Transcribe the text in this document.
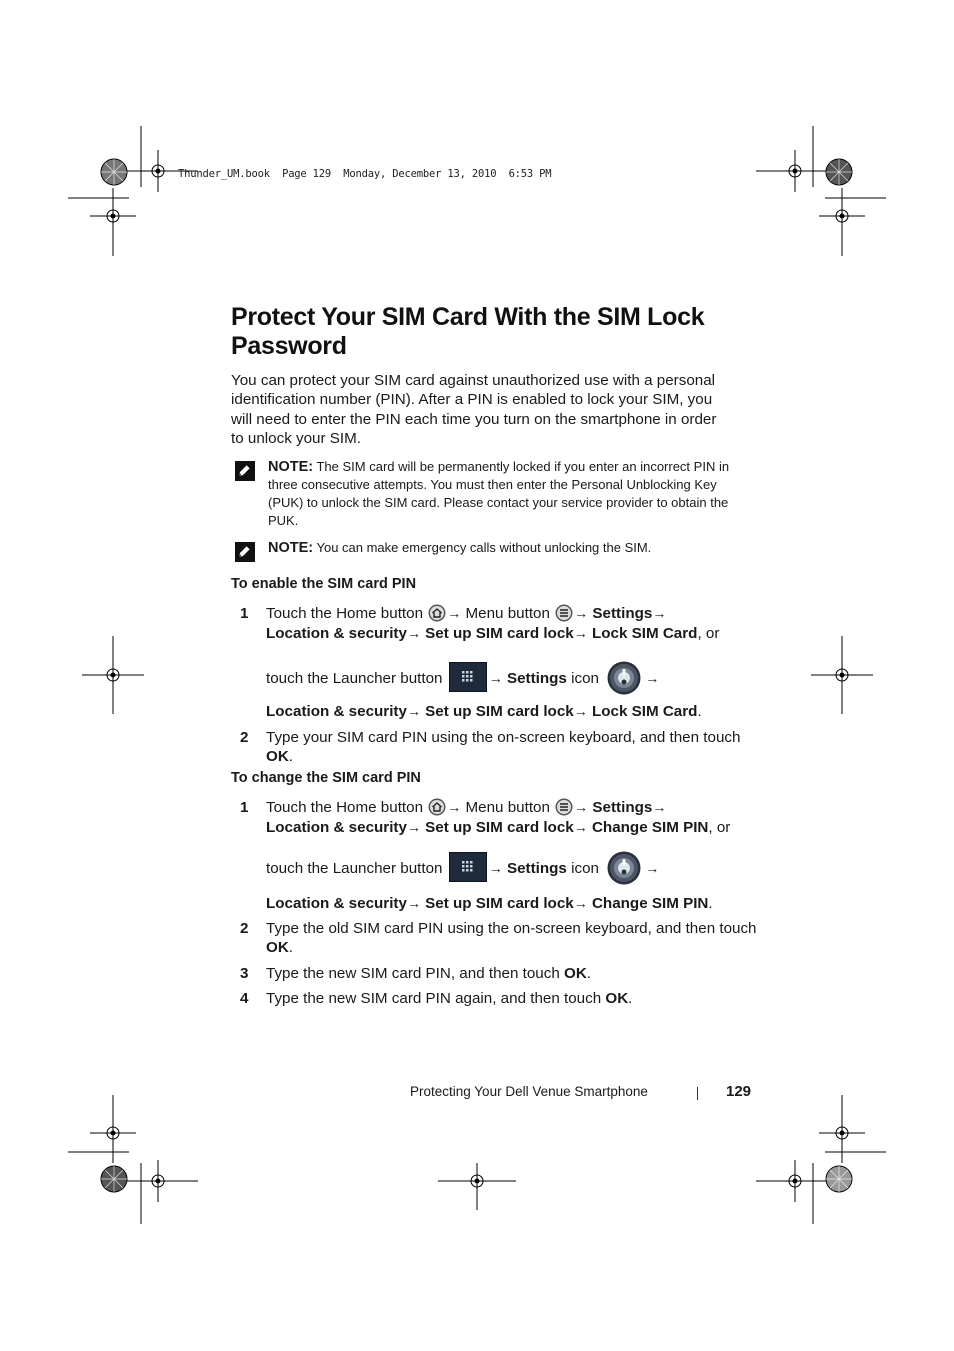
Thunder_UM.book  Page 129  Monday, December 13, 2010  6:53 PM
Protect Your SIM Card With the SIM Lock Password

You can protect your SIM card against unauthorized use with a personal identification number (PIN). After a PIN is enabled to lock your SIM, you will need to enter the PIN each time you turn on the smartphone in order to unlock your SIM.

NOTE: The SIM card will be permanently locked if you enter an incorrect PIN in three consecutive attempts. You must then enter the Personal Unblocking Key (PUK) to unlock the SIM card. Please contact your service provider to obtain the PUK.
NOTE: You can make emergency calls without unlocking the SIM.
To enable the SIM card PIN
1 Touch the Home button → Menu button → Settings→
Location & security→ Set up SIM card lock→ Lock SIM Card, or
touch the Launcher button	→ Settings icon	→

Location & security→ Set up SIM card lock→ Lock SIM Card.
2 Type your SIM card PIN using the on-screen keyboard, and then touch OK.
To change the SIM card PIN
1 Touch the Home button → Menu button → Settings→
Location & security→ Set up SIM card lock→ Change SIM PIN, or
touch the Launcher button	→ Settings icon	→

Location & security→ Set up SIM card lock→ Change SIM PIN.
2 Type the old SIM card PIN using the on-screen keyboard, and then touch OK.
3 Type the new SIM card PIN, and then touch OK.
4 Type the new SIM card PIN again, and then touch OK.
Protecting Your Dell Venue Smartphone	129
